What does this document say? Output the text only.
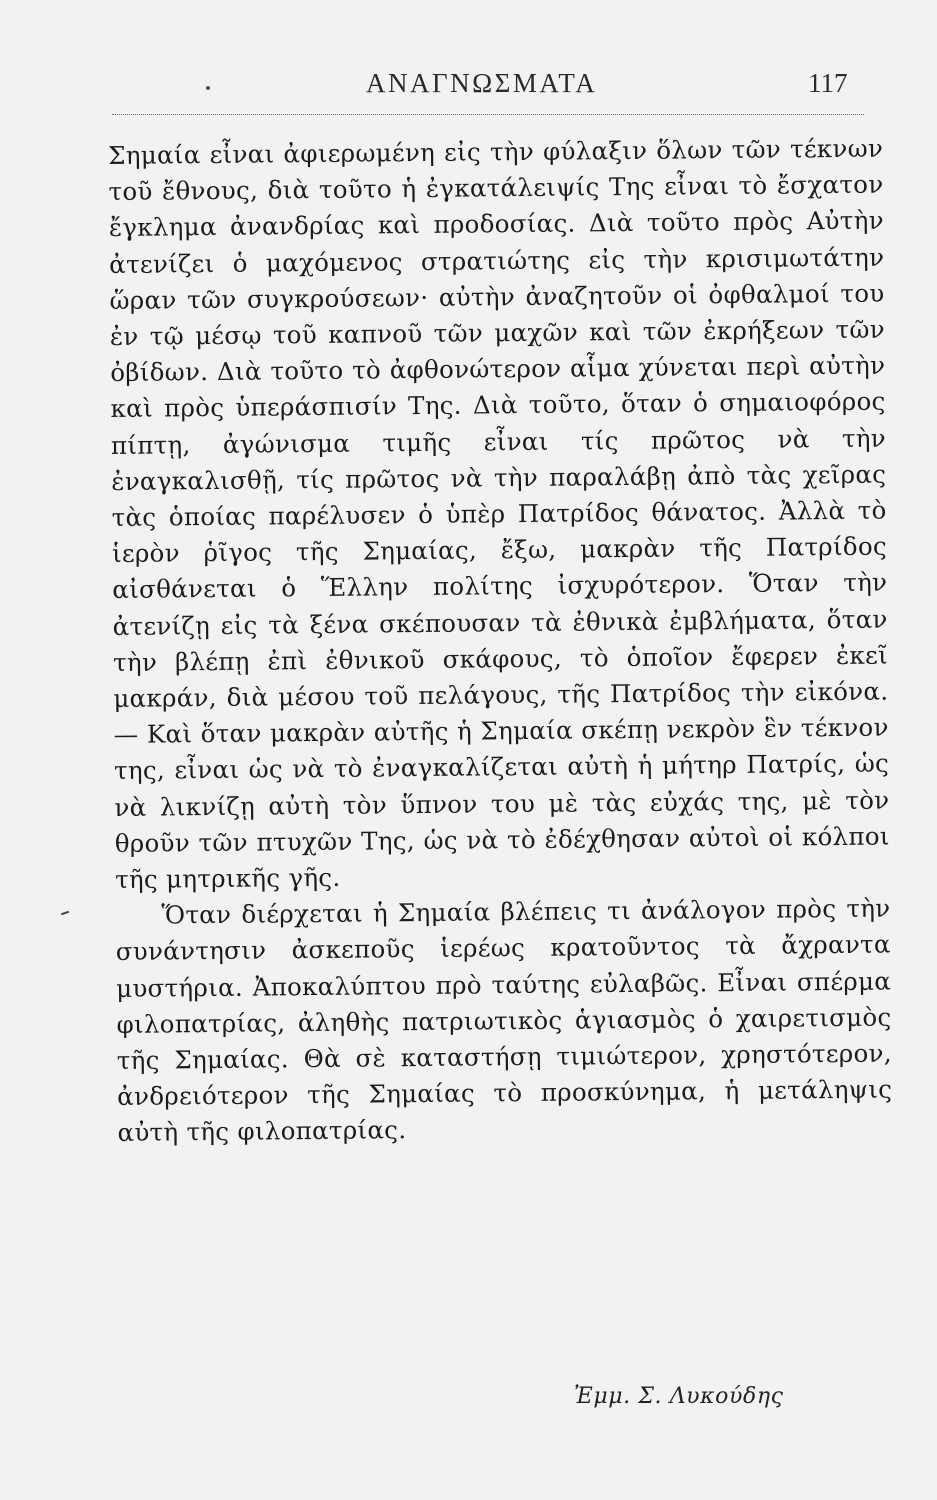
ΑΝΑΓΝΩΣΜΑΤΑ	117

Σημαία εἶναι ἀφιερωμένη εἰς τὴν φύλαξιν ὅλων τῶν τέκνων τοῦ ἔθνους, διὰ τοῦτο ἡ ἐγκατάλειψίς Της εἶναι τὸ ἔσχατον ἔγκλημα ἀνανδρίας καὶ προδοσίας. Διὰ τοῦτο πρὸς Αὐτὴν ἀτενίζει ὁ μαχόμενος στρατιώτης εἰς τὴν κρισιμωτάτην ὥραν τῶν συγκρούσεων· αὐτὴν ἀναζητοῦν οἱ ὀφθαλμοί του ἐν τῷ μέσῳ τοῦ καπνοῦ τῶν μαχῶν καὶ τῶν ἐκρήξεων τῶν ὀβίδων. Διὰ τοῦτο τὸ ἀφθονώτερον αἷμα χύνεται περὶ αὐτὴν καὶ πρὸς ὑπεράσπισίν Της. Διὰ τοῦτο, ὅταν ὁ σημαιοφόρος πίπτῃ, ἀγώνισμα τιμῆς εἶναι τίς πρῶτος νὰ τὴν ἐναγκαλισθῇ, τίς πρῶτος νὰ τὴν παραλάβῃ ἀπὸ τὰς χεῖρας τὰς ὁποίας παρέλυσεν ὁ ὑπὲρ Πατρίδος θάνατος. Ἀλλὰ τὸ ἱερὸν ῥῖγος τῆς Σημαίας, ἔξω, μακρὰν τῆς Πατρίδος αἰσθάνεται ὁ Ἕλλην πολίτης ἰσχυρότερον. Ὅταν τὴν ἀτενίζῃ εἰς τὰ ξένα σκέπουσαν τὰ ἐθνικὰ ἐμβλήματα, ὅταν τὴν βλέπῃ ἐπὶ ἐθνικοῦ σκάφους, τὸ ὁποῖον ἔφερεν ἐκεῖ μακράν, διὰ μέσου τοῦ πελάγους, τῆς Πατρίδος τὴν εἰκόνα. — Καὶ ὅταν μακρὰν αὐτῆς ἡ Σημαία σκέπῃ νεκρὸν ἓν τέκνον της, εἶναι ὡς νὰ τὸ ἐναγκαλίζεται αὐτὴ ἡ μήτηρ Πατρίς, ὡς νὰ λικνίζῃ αὐτὴ τὸν ὕπνον του μὲ τὰς εὐχάς της, μὲ τὸν θροῦν τῶν πτυχῶν Της, ὡς νὰ τὸ ἐδέχθησαν αὐτοὶ οἱ κόλποι τῆς μητρικῆς γῆς.

Ὅταν διέρχεται ἡ Σημαία βλέπεις τι ἀνάλογον πρὸς τὴν συνάντησιν ἀσκεποῦς ἱερέως κρατοῦντος τὰ ἄχραντα μυστήρια. Ἀποκαλύπτου πρὸ ταύτης εὐλαβῶς. Εἶναι σπέρμα φιλοπατρίας, ἀληθὴς πατριωτικὸς ἁγιασμὸς ὁ χαιρετισμὸς τῆς Σημαίας. Θὰ σὲ καταστήσῃ τιμιώτερον, χρηστότερον, ἀνδρειότερον τῆς Σημαίας τὸ προσκύνημα, ἡ μετάληψις αὐτὴ τῆς φιλοπατρίας.

Ἐμμ. Σ. Λυκούδης
